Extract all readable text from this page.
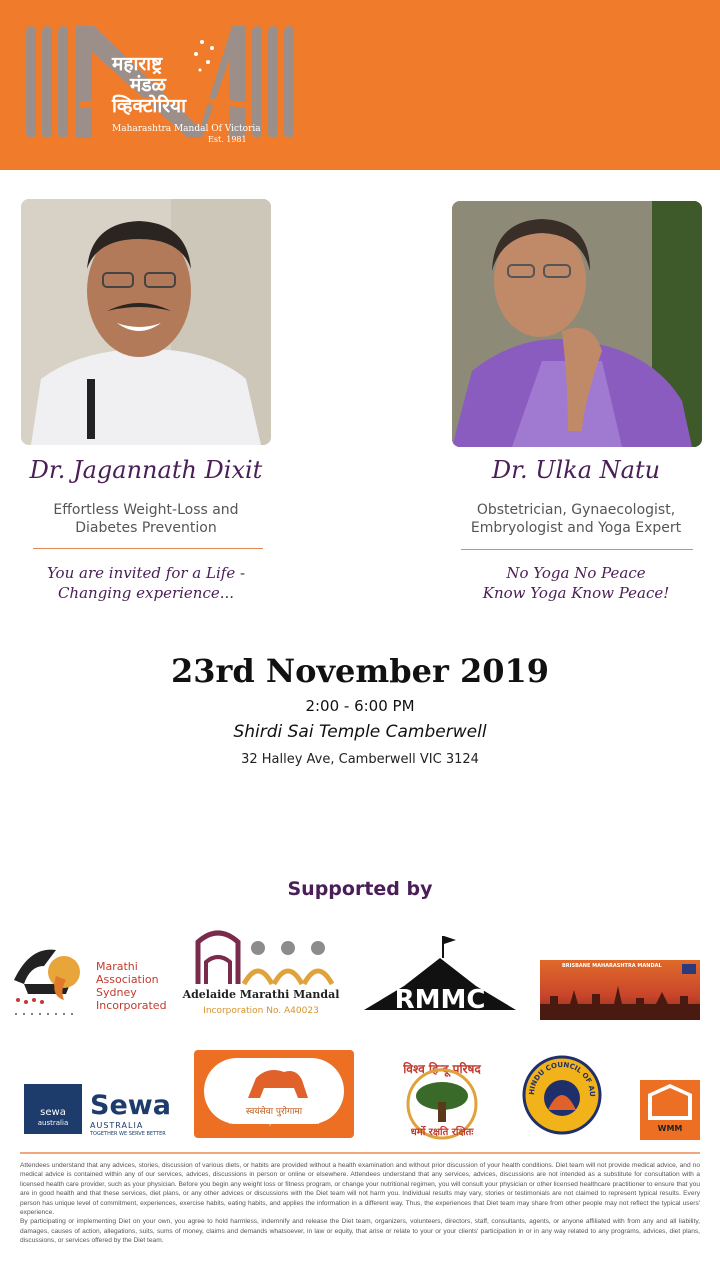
महाराष्ट्र
मंडळ
व्हिक्टोरिया
Maharashtra Mandal Of Victoria
Est. 1981
Dr. Jagannath Dixit	Dr. Ulka Natu
Effortless Weight-Loss and
Diabetes Prevention
Obstetrician, Gynaecologist,
Embryologist and Yoga Expert
You are invited for a Life -
Changing experience...
No Yoga No Peace
Know Yoga Know Peace!
23rd November 2019
2:00 - 6:00 PM
Shirdi Sai Temple Camberwell
32 Halley Ave, Camberwell VIC 3124
Supported by
Marathi
Association
Sydney
Incorporated
Adelaide Marathi Mandal
Incorporation No. A40023	RMMC
BRISBANE MAHARASHTRA MANDAL
sewa
australia
Sewa
AUSTRALIA
TOGETHER WE SERVE BETTER
स्वयंसेवा पुरोगामा
We achieve by our own efforts
विश्व हिन्दू परिषद
धर्मो रक्षति रक्षितः
HINDU COUNCIL OF AU
WMM

Attendees understand that any advices, stories, discussion of various diets, or habits are provided without a health examination and without prior discussion of your health conditions. Diet team will not provide medical advice, and no medical advice is contained within any of our services, advices, discussions in person or online or elsewhere. Attendees understand that any services, advices, discussions are not intended as a substitute for consultation with a licensed health care provider, such as your physician. Before you begin any weight loss or fitness program, or change your nutritional regimen, you will consult your physician or other licensed healthcare practitioner to ensure that you are in good health and that these services, diet plans, or any other advices or discussions with the Diet team will not harm you. Individual results may vary, stories or testimonials are not claimed to represent typical results. Every person has unique level of commitment, experiences, exercise habits, eating habits, and applies the information in a different way. Thus, the experiences that Diet team may share from other people may not reflect the typical users' experience.

By participating or implementing Diet on your own, you agree to hold harmless, indemnify and release the Diet team, organizers, volunteers, directors, staff, consultants, agents, or anyone affiliated with from any and all liability, damages, causes of action, allegations, suits, sums of money, claims and demands whatsoever, in law or equity, that arise or relate to your or your clients' participation in or in any way related to any programs, advices, diet plans, discussions, or services offered by the Diet team.
